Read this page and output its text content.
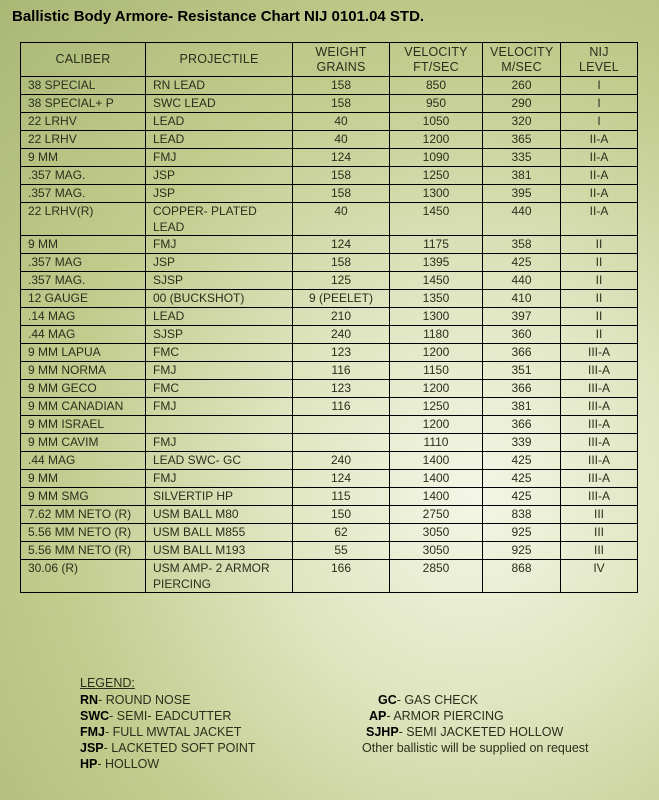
Ballistic Body Armore- Resistance Chart NIJ 0101.04 STD.
CALIBER	PROJECTILE	WEIGHT GRAINS	VELOCITY FT/SEC	VELOCITY M/SEC	NIJ LEVEL
38 SPECIAL	RN LEAD	158	850	260	I
38 SPECIAL+ P	SWC LEAD	158	950	290	I
22 LRHV	LEAD	40	1050	320	I
22 LRHV	LEAD	40	1200	365	II-A
9 MM	FMJ	124	1090	335	II-A
.357 MAG.	JSP	158	1250	381	II-A
.357 MAG.	JSP	158	1300	395	II-A
22 LRHV(R)	COPPER- PLATED LEAD	40	1450	440	II-A
9 MM	FMJ	124	1175	358	II
.357 MAG	JSP	158	1395	425	II
.357 MAG.	SJSP	125	1450	440	II
12 GAUGE	00 (BUCKSHOT)	9 (PEELET)	1350	410	II
.14 MAG	LEAD	210	1300	397	II
.44 MAG	SJSP	240	1180	360	II
9 MM LAPUA	FMC	123	1200	366	III-A
9 MM NORMA	FMJ	116	1150	351	III-A
9 MM GECO	FMC	123	1200	366	III-A
9 MM CANADIAN	FMJ	116	1250	381	III-A
9 MM ISRAEL			1200	366	III-A
9 MM CAVIM	FMJ		1110	339	III-A
.44 MAG	LEAD SWC- GC	240	1400	425	III-A
9 MM	FMJ	124	1400	425	III-A
9 MM SMG	SILVERTIP HP	115	1400	425	III-A
7.62 MM NETO (R)	USM BALL M80	150	2750	838	III
5.56 MM NETO (R)	USM BALL M855	62	3050	925	III
5.56 MM NETO (R)	USM BALL M193	55	3050	925	III
30.06 (R)	USM AMP- 2 ARMOR PIERCING	166	2850	868	IV
LEGEND:
RN- ROUND NOSE
SWC- SEMI- EADCUTTER
FMJ- FULL MWTAL JACKET
JSP- LACKETED SOFT POINT
HP- HOLLOW
GC- GAS CHECK
AP- ARMOR PIERCING
SJHP- SEMI JACKETED HOLLOW
Other ballistic will be supplied on request
